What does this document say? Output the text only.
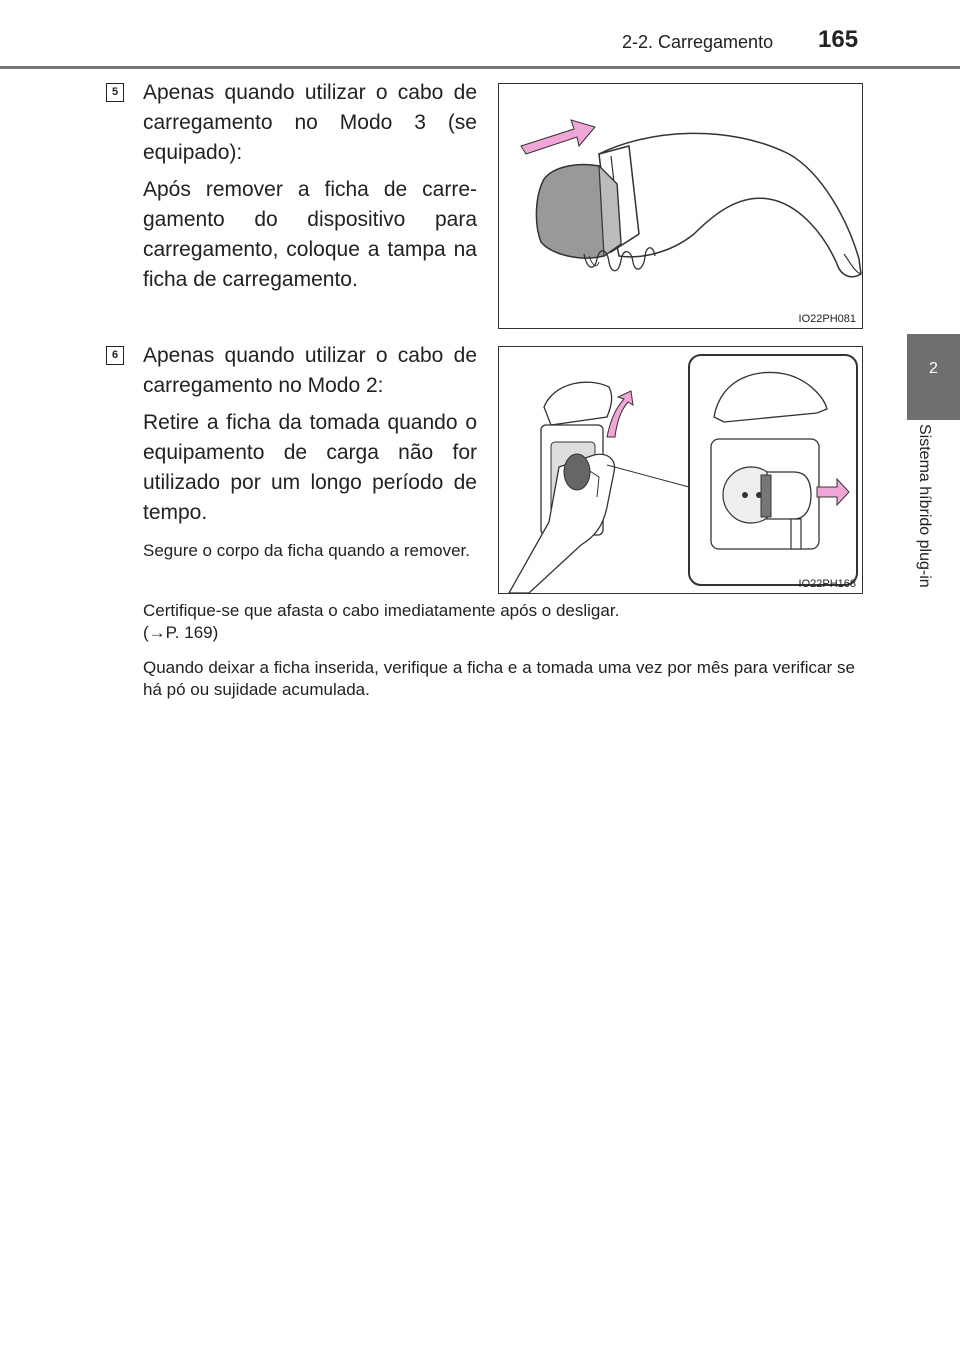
2-2. Carregamento 165
2
Sistema híbrido plug-in
5 Apenas quando utilizar o cabo de carregamento no Modo 3 (se equipado):
Após remover a ficha de carre-gamento do dispositivo para carregamento, coloque a tampa na ficha de carregamento.
IO22PH081
6 Apenas quando utilizar o cabo de carregamento no Modo 2:
Retire a ficha da tomada quando o equipamento de carga não for utilizado por um longo período de tempo.
Segure o corpo da ficha quando a remover.
IO22PH168
Certifique-se que afasta o cabo imediatamente após o desligar.
(→P. 169)
Quando deixar a ficha inserida, verifique a ficha e a tomada uma vez por mês para verificar se há pó ou sujidade acumulada.
